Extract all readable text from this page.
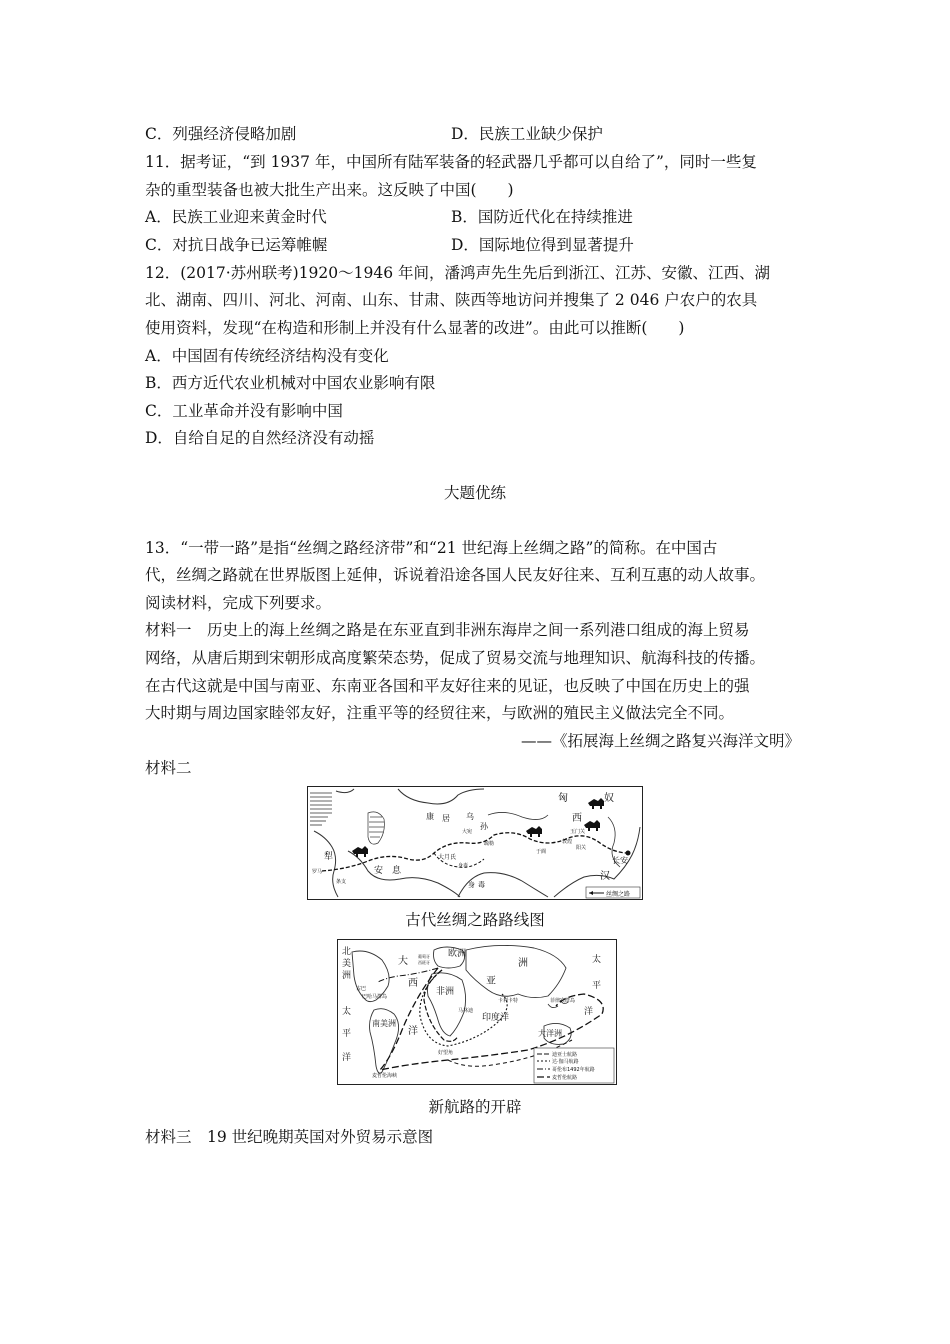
C．列强经济侵略加剧	D．民族工业缺少保护
11．据考证，“到 1937 年，中国所有陆军装备的轻武器几乎都可以自给了”，同时一些复
杂的重型装备也被大批生产出来。这反映了中国(　　)
A．民族工业迎来黄金时代	B．国防近代化在持续推进
C．对抗日战争已运筹帷幄	D．国际地位得到显著提升
12．(2017·苏州联考)1920～1946 年间，潘鸿声先生先后到浙江、江苏、安徽、江西、湖
北、湖南、四川、河北、河南、山东、甘肃、陕西等地访问并搜集了 2 046 户农户的农具
使用资料，发现“在构造和形制上并没有什么显著的改进”。由此可以推断(　　)
A．中国固有传统经济结构没有变化
B．西方近代农业机械对中国农业影响有限
C．工业革命并没有影响中国
D．自给自足的自然经济没有动摇
大题优练
13．“一带一路”是指“丝绸之路经济带”和“21 世纪海上丝绸之路”的简称。在中国古
代，丝绸之路就在世界版图上延伸，诉说着沿途各国人民友好往来、互利互惠的动人故事。
阅读材料，完成下列要求。
材料一　历史上的海上丝绸之路是在东亚直到非洲东海岸之间一系列港口组成的海上贸易
网络，从唐后期到宋朝形成高度繁荣态势，促成了贸易交流与地理知识、航海科技的传播。
在古代这就是中国与南亚、东南亚各国和平友好往来的见证，也反映了中国在历史上的强
大时期与周边国家睦邻友好，注重平等的经贸往来，与欧洲的殖民主义做法完全不同。
——《拓展海上丝绸之路复兴海洋文明》
材料二
匈	奴
康 居 乌
孙
西
玉门关
敦煌
阳关
长安
汉
大宛
疏勒
大月氏
身毒
安　息
犁	于阗
罗马
条支	身 毒
丝绸之路
古代丝绸之路路线图
北
美
洲
大
欧洲
西
非洲
亚
洲
南美洲
洋
太
平
洋
太
平
洋
印度洋
大洋洲
好望角
麦哲伦海峡
古巴
葡萄牙
西班牙
菲律宾群岛
卡利卡特
马林迪
巴哈马群岛
迪亚士航路
达·伽马航路
哥伦布1492年航路
麦哲伦航路
新航路的开辟
材料三　19 世纪晚期英国对外贸易示意图
